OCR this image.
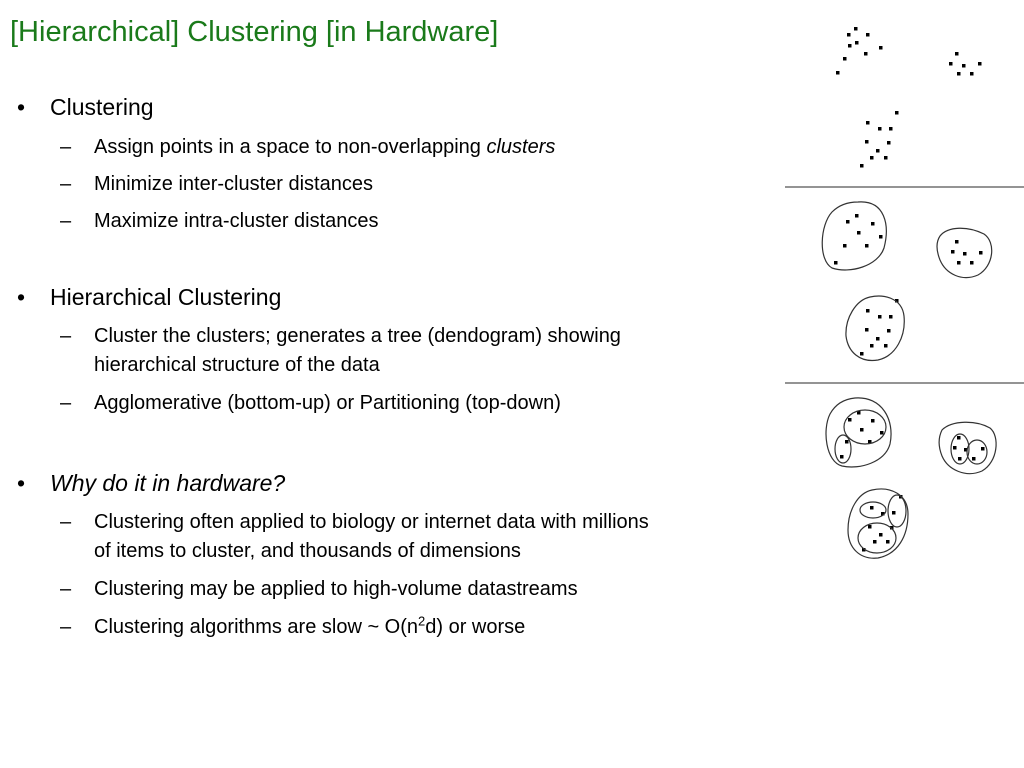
[Hierarchical] Clustering [in Hardware]
• Clustering
– Assign points in a space to non-overlapping clusters
– Minimize inter-cluster distances
– Maximize intra-cluster distances
• Hierarchical Clustering
– Cluster the clusters; generates a tree (dendogram) showing
hierarchical structure of the data
– Agglomerative (bottom-up) or Partitioning (top-down)
• Why do it in hardware?
– Clustering often applied to biology or internet data with millions
of items to cluster, and thousands of dimensions
– Clustering may be applied to high-volume datastreams
– Clustering algorithms are slow ~ $O(n^2d)$ or worse
